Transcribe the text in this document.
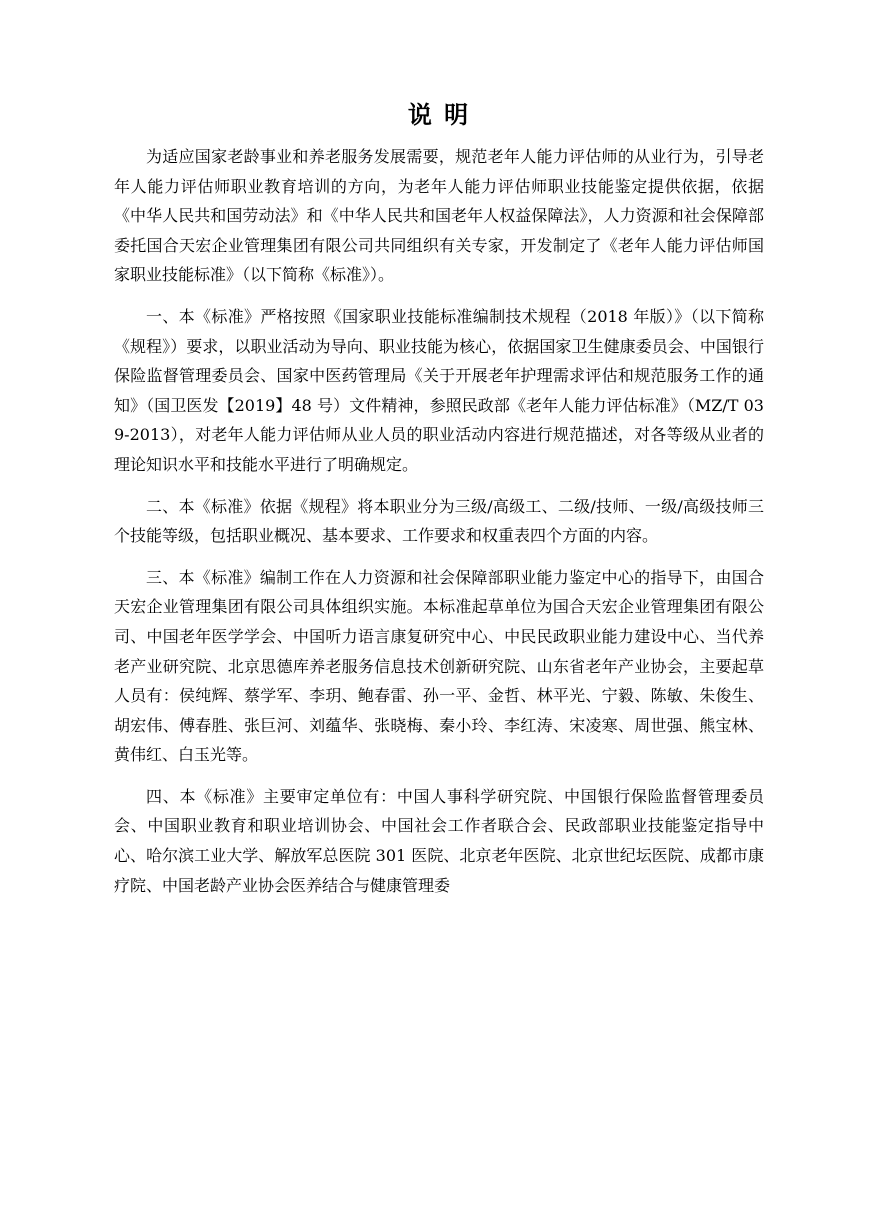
说 明

为适应国家老龄事业和养老服务发展需要，规范老年人能力评估师的从业行为，引导老年人能力评估师职业教育培训的方向，为老年人能力评估师职业技能鉴定提供依据，依据《中华人民共和国劳动法》和《中华人民共和国老年人权益保障法》，人力资源和社会保障部委托国合天宏企业管理集团有限公司共同组织有关专家，开发制定了《老年人能力评估师国家职业技能标准》（以下简称《标准》）。

一、本《标准》严格按照《国家职业技能标准编制技术规程（2018 年版）》（以下简称《规程》）要求，以职业活动为导向、职业技能为核心，依据国家卫生健康委员会、中国银行保险监督管理委员会、国家中医药管理局《关于开展老年护理需求评估和规范服务工作的通知》（国卫医发【2019】48 号）文件精神，参照民政部《老年人能力评估标准》（MZ/T 039-2013），对老年人能力评估师从业人员的职业活动内容进行规范描述，对各等级从业者的理论知识水平和技能水平进行了明确规定。

二、本《标准》依据《规程》将本职业分为三级/高级工、二级/技师、一级/高级技师三个技能等级，包括职业概况、基本要求、工作要求和权重表四个方面的内容。

三、本《标准》编制工作在人力资源和社会保障部职业能力鉴定中心的指导下，由国合天宏企业管理集团有限公司具体组织实施。本标准起草单位为国合天宏企业管理集团有限公司、中国老年医学学会、中国听力语言康复研究中心、中民民政职业能力建设中心、当代养老产业研究院、北京思德库养老服务信息技术创新研究院、山东省老年产业协会，主要起草人员有：侯纯辉、蔡学军、李玥、鲍春雷、孙一平、金哲、林平光、宁毅、陈敏、朱俊生、胡宏伟、傅春胜、张巨河、刘蕴华、张晓梅、秦小玲、李红涛、宋凌寒、周世强、熊宝林、黄伟红、白玉光等。

四、本《标准》主要审定单位有：中国人事科学研究院、中国银行保险监督管理委员会、中国职业教育和职业培训协会、中国社会工作者联合会、民政部职业技能鉴定指导中心、哈尔滨工业大学、解放军总医院 301 医院、北京老年医院、北京世纪坛医院、成都市康疗院、中国老龄产业协会医养结合与健康管理委
